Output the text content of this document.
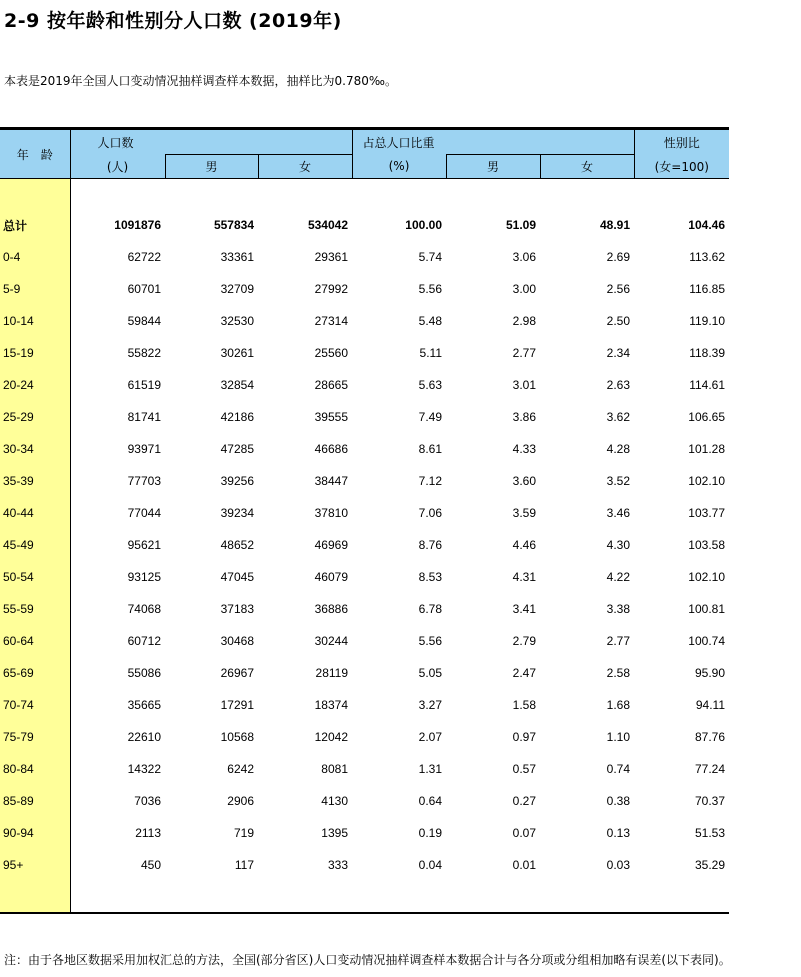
2-9 按年龄和性别分人口数 (2019年)
本表是2019年全国人口变动情况抽样调查样本数据，抽样比为0.780‰。

年　龄	人口数			占总人口比重			性别比
	(人)	男	女	(%)	男	女	(女=100)

总计	1091876	557834	534042	100.00	51.09	48.91	104.46
0-4	62722	33361	29361	5.74	3.06	2.69	113.62
5-9	60701	32709	27992	5.56	3.00	2.56	116.85
10-14	59844	32530	27314	5.48	2.98	2.50	119.10
15-19	55822	30261	25560	5.11	2.77	2.34	118.39
20-24	61519	32854	28665	5.63	3.01	2.63	114.61
25-29	81741	42186	39555	7.49	3.86	3.62	106.65
30-34	93971	47285	46686	8.61	4.33	4.28	101.28
35-39	77703	39256	38447	7.12	3.60	3.52	102.10
40-44	77044	39234	37810	7.06	3.59	3.46	103.77
45-49	95621	48652	46969	8.76	4.46	4.30	103.58
50-54	93125	47045	46079	8.53	4.31	4.22	102.10
55-59	74068	37183	36886	6.78	3.41	3.38	100.81
60-64	60712	30468	30244	5.56	2.79	2.77	100.74
65-69	55086	26967	28119	5.05	2.47	2.58	95.90
70-74	35665	17291	18374	3.27	1.58	1.68	94.11
75-79	22610	10568	12042	2.07	0.97	1.10	87.76
80-84	14322	6242	8081	1.31	0.57	0.74	77.24
85-89	7036	2906	4130	0.64	0.27	0.38	70.37
90-94	2113	719	1395	0.19	0.07	0.13	51.53
95+	450	117	333	0.04	0.01	0.03	35.29

注：由于各地区数据采用加权汇总的方法，全国(部分省区)人口变动情况抽样调查样本数据合计与各分项或分组相加略有误差(以下表同)。
